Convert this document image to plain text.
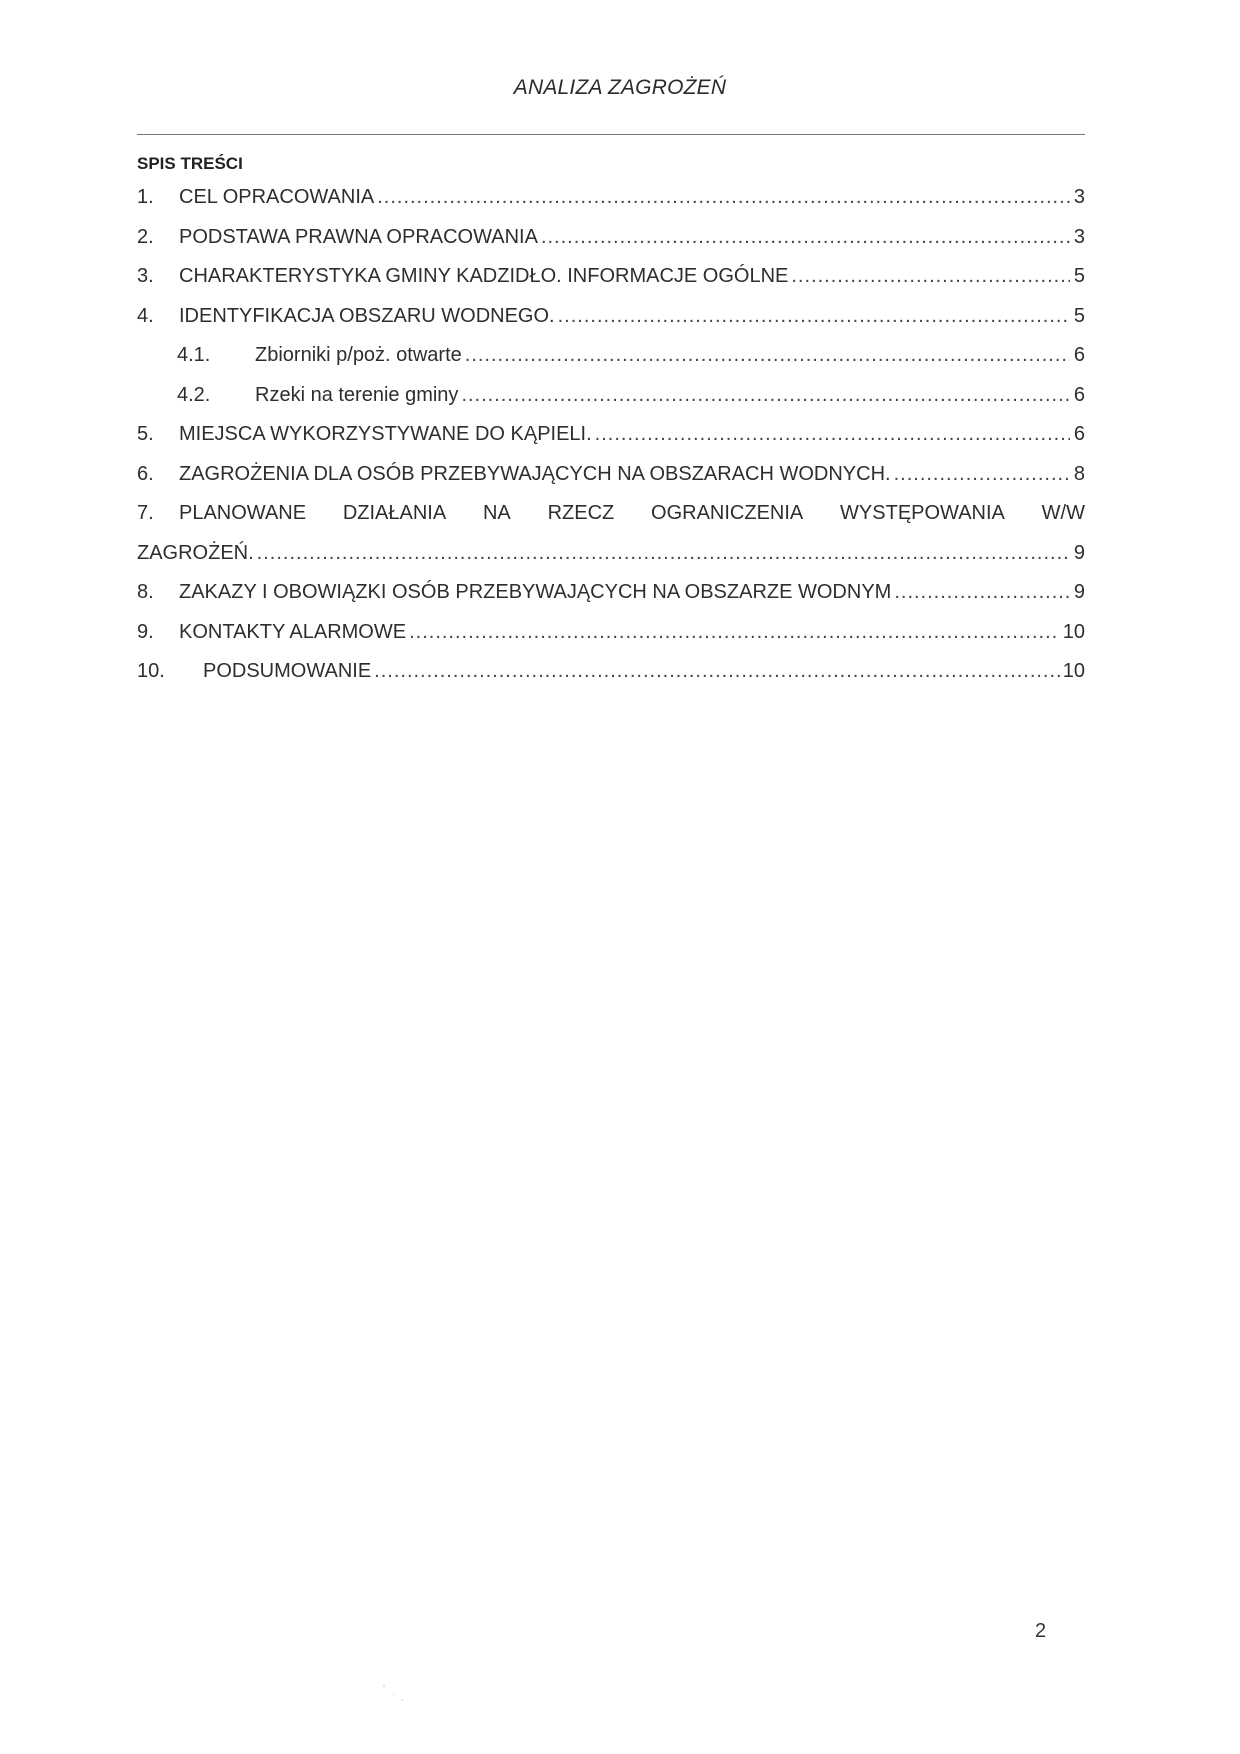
ANALIZA ZAGROŻEŃ
SPIS TREŚCI
1.	CEL OPRACOWANIA .....	3
2.	PODSTAWA PRAWNA OPRACOWANIA .....	3
3.	CHARAKTERYSTYKA GMINY KADZIDŁO. INFORMACJE OGÓLNE .....	5
4.	IDENTYFIKACJA OBSZARU WODNEGO. .....	5
4.1.	Zbiorniki p/poż. otwarte .....	6
4.2.	Rzeki na terenie gminy .....	6
5.	MIEJSCA WYKORZYSTYWANE DO KĄPIELI. .....	6
6.	ZAGROŻENIA DLA OSÓB PRZEBYWAJĄCYCH NA OBSZARACH WODNYCH. .....	8
7.	PLANOWANE DZIAŁANIA NA RZECZ OGRANICZENIA WYSTĘPOWANIA W/W
ZAGROŻEŃ. .....	9
8.	ZAKAZY I OBOWIĄZKI OSÓB PRZEBYWAJĄCYCH NA OBSZARZE WODNYM .....	9
9.	KONTAKTY ALARMOWE .....	10
10.	PODSUMOWANIE .....	10
2
